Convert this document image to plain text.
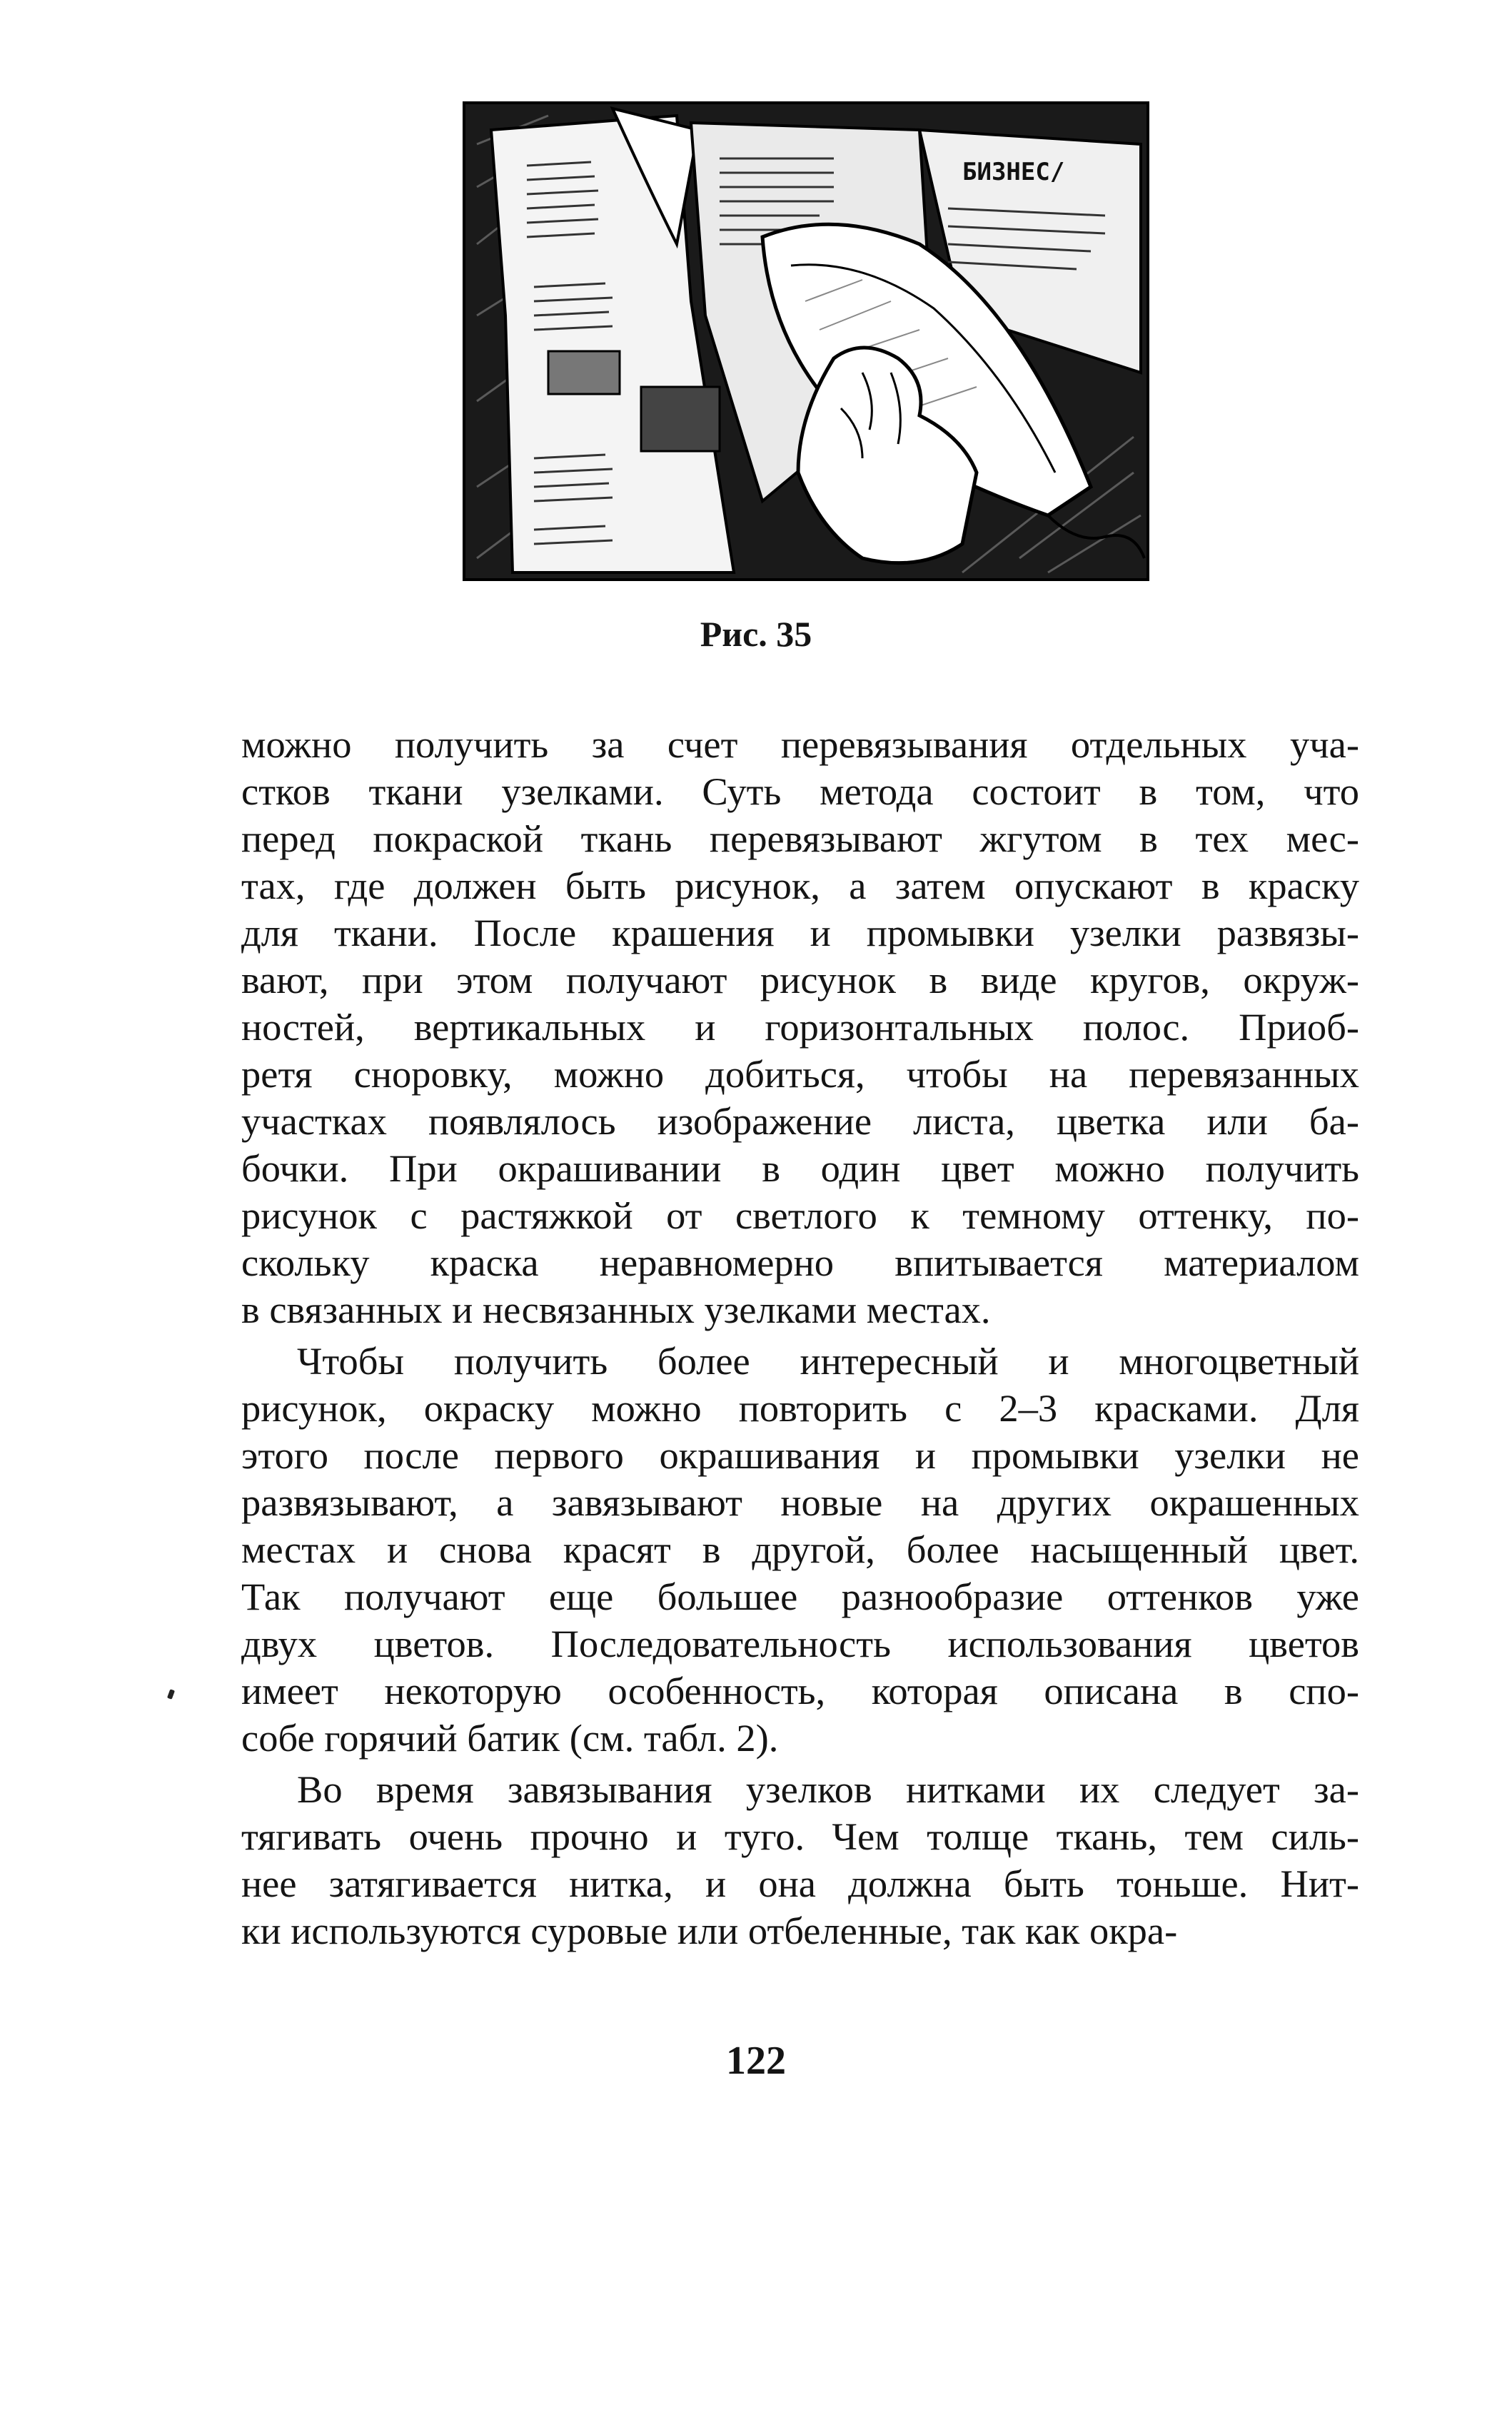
БИЗНЕС/
Рис. 35

можно получить за счет перевязывания отдельных уча-
стков ткани узелками. Суть метода состоит в том, что
перед покраской ткань перевязывают жгутом в тех мес-
тах, где должен быть рисунок, а затем опускают в краску
для ткани. После крашения и промывки узелки развязы-
вают, при этом получают рисунок в виде кругов, окруж-
ностей, вертикальных и горизонтальных полос. Приоб-
ретя сноровку, можно добиться, чтобы на перевязанных
участках появлялось изображение листа, цветка или ба-
бочки. При окрашивании в один цвет можно получить
рисунок с растяжкой от светлого к темному оттенку, по-
скольку краска неравномерно впитывается материалом
в связанных и несвязанных узелками местах.

Чтобы получить более интересный и многоцветный
рисунок, окраску можно повторить с 2–3 красками. Для
этого после первого окрашивания и промывки узелки не
развязывают, а завязывают новые на других окрашенных
местах и снова красят в другой, более насыщенный цвет.
Так получают еще большее разнообразие оттенков уже
двух цветов. Последовательность использования цветов
имеет некоторую особенность, которая описана в спо-
собе горячий батик (см. табл. 2).

Во время завязывания узелков нитками их следует за-
тягивать очень прочно и туго. Чем толще ткань, тем силь-
нее затягивается нитка, и она должна быть тоньше. Нит-
ки используются суровые или отбеленные, так как окра-

122
